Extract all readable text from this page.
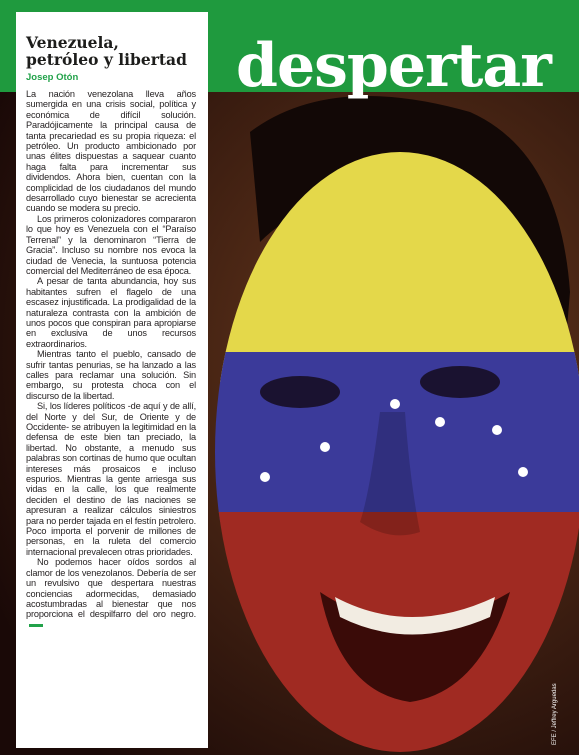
despertar
EFE / Jeffrey Arguedas
Venezuela, petróleo y libertad
Josep Otón

La nación venezolana lleva años sumergida en una crisis social, política y económica de difícil solución. Paradójicamente la principal causa de tanta precariedad es su propia riqueza: el petróleo. Un producto ambicionado por unas élites dispuestas a saquear cuanto haga falta para incrementar sus dividendos. Ahora bien, cuentan con la complicidad de los ciudadanos del mundo desarrollado cuyo bienestar se acrecienta cuando se modera su precio.

Los primeros colonizadores compararon lo que hoy es Venezuela con el “Paraíso Terrenal” y la denominaron “Tierra de Gracia”. Incluso su nombre nos evoca la ciudad de Venecia, la suntuosa potencia comercial del Mediterráneo de esa época.

A pesar de tanta abundancia, hoy sus habitantes sufren el flagelo de una escasez injustificada. La prodigalidad de la naturaleza contrasta con la ambición de unos pocos que conspiran para apropiarse en exclusiva de unos recursos extraordinarios.

Mientras tanto el pueblo, cansado de sufrir tantas penurias, se ha lanzado a las calles para reclamar una solución. Sin embargo, su protesta choca con el discurso de la libertad.

Si, los líderes políticos -de aquí y de allí, del Norte y del Sur, de Oriente y de Occidente- se atribuyen la legitimidad en la defensa de este bien tan preciado, la libertad. No obstante, a menudo sus palabras son cortinas de humo que ocultan intereses más prosaicos e incluso espurios. Mientras la gente arriesga sus vidas en la calle, los que realmente deciden el destino de las naciones se apresuran a realizar cálculos siniestros para no perder tajada en el festín petrolero. Poco importa el porvenir de millones de personas, en la ruleta del comercio internacional prevalecen otras prioridades.

No podemos hacer oídos sordos al clamor de los venezolanos. Debería de ser un revulsivo que despertara nuestras conciencias adormecidas, demasiado acostumbradas al bienestar que nos proporciona el despilfarro del oro negro.
